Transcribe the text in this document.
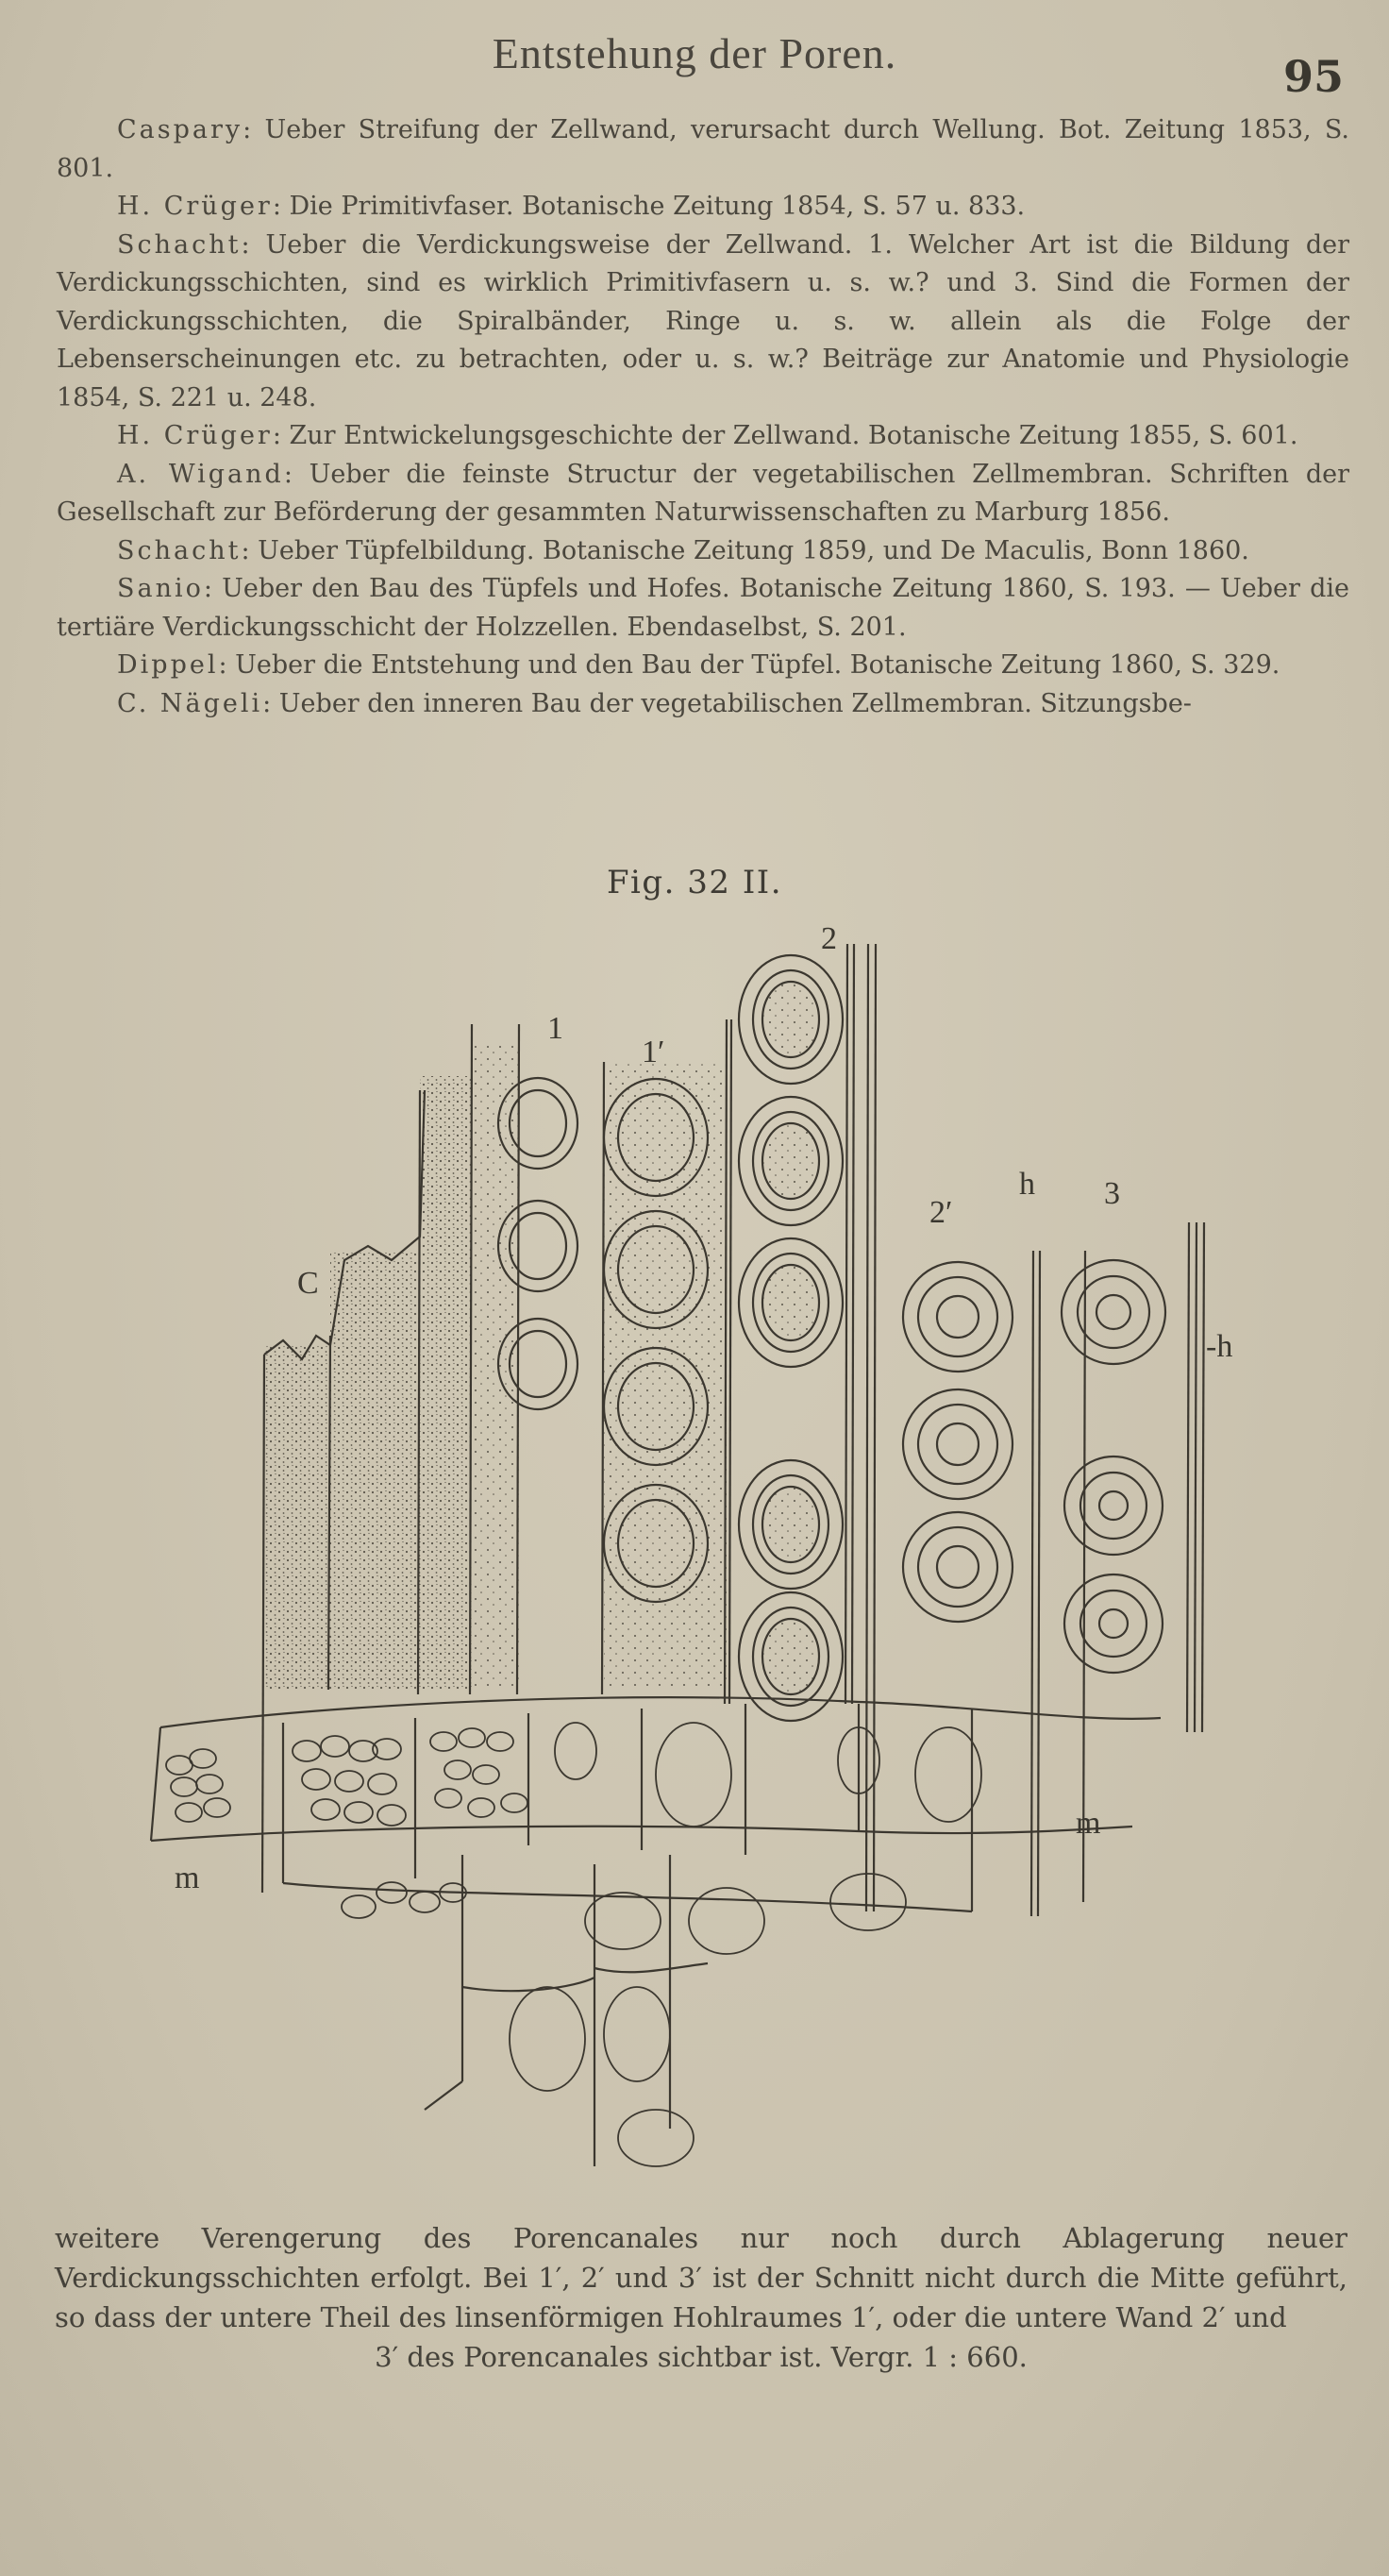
Entstehung der Poren.	95

Caspary: Ueber Streifung der Zellwand, verursacht durch Wellung. Bot. Zeitung 1853, S. 801.

H. Crüger: Die Primitivfaser. Botanische Zeitung 1854, S. 57 u. 833.

Schacht: Ueber die Verdickungsweise der Zellwand. 1. Welcher Art ist die Bildung der Verdickungsschichten, sind es wirklich Primitivfasern u. s. w.? und 3. Sind die Formen der Verdickungsschichten, die Spiralbänder, Ringe u. s. w. allein als die Folge der Lebenserscheinungen etc. zu betrachten, oder u. s. w.? Beiträge zur Anatomie und Physiologie 1854, S. 221 u. 248.

H. Crüger: Zur Entwickelungsgeschichte der Zellwand. Botanische Zeitung 1855, S. 601.

A. Wigand: Ueber die feinste Structur der vegetabilischen Zellmembran. Schriften der Gesellschaft zur Beförderung der gesammten Naturwissenschaften zu Marburg 1856.

Schacht: Ueber Tüpfelbildung. Botanische Zeitung 1859, und De Maculis, Bonn 1860.

Sanio: Ueber den Bau des Tüpfels und Hofes. Botanische Zeitung 1860, S. 193. — Ueber die tertiäre Verdickungsschicht der Holzzellen. Ebendaselbst, S. 201.

Dippel: Ueber die Entstehung und den Bau der Tüpfel. Botanische Zeitung 1860, S. 329.

C. Nägeli: Ueber den inneren Bau der vegetabilischen Zellmembran. Sitzungsbe-

Fig. 32 II.
2
1
1′
h 3
2′
C
-h
m
m
weitere Verengerung des Porencanales nur noch durch Ablagerung neuer Verdickungsschichten erfolgt. Bei 1′, 2′ und 3′ ist der Schnitt nicht durch die Mitte geführt, so dass der untere Theil des linsenförmigen Hohlraumes 1′, oder die untere Wand 2′ und
3′ des Porencanales sichtbar ist. Vergr. 1 : 660.
